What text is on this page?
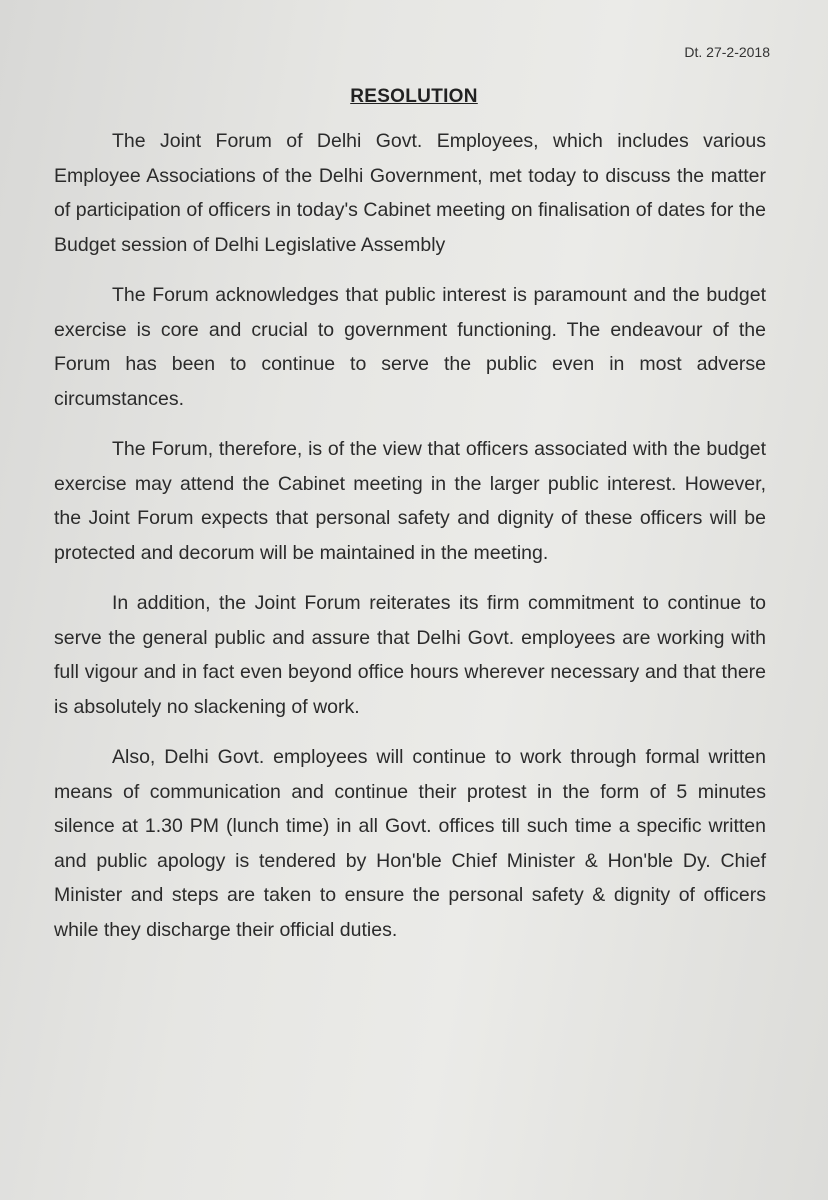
Dt. 27-2-2018
RESOLUTION

The Joint Forum of Delhi Govt. Employees, which includes various Employee Associations of the Delhi Government, met today to discuss the matter of participation of officers in today's Cabinet meeting on finalisation of dates for the Budget session of Delhi Legislative Assembly

The Forum acknowledges that public interest is paramount and the budget exercise is core and crucial to government functioning. The endeavour of the Forum has been to continue to serve the public even in most adverse circumstances.

The Forum, therefore, is of the view that officers associated with the budget exercise may attend the Cabinet meeting in the larger public interest. However, the Joint Forum expects that personal safety and dignity of these officers will be protected and decorum will be maintained in the meeting.

In addition, the Joint Forum reiterates its firm commitment to continue to serve the general public and assure that Delhi Govt. employees are working with full vigour and in fact even beyond office hours wherever necessary and that there is absolutely no slackening of work.

Also, Delhi Govt. employees will continue to work through formal written means of communication and continue their protest in the form of 5 minutes silence at 1.30 PM (lunch time) in all Govt. offices till such time a specific written and public apology is tendered by Hon'ble Chief Minister & Hon'ble Dy. Chief Minister and steps are taken to ensure the personal safety & dignity of officers while they discharge their official duties.
